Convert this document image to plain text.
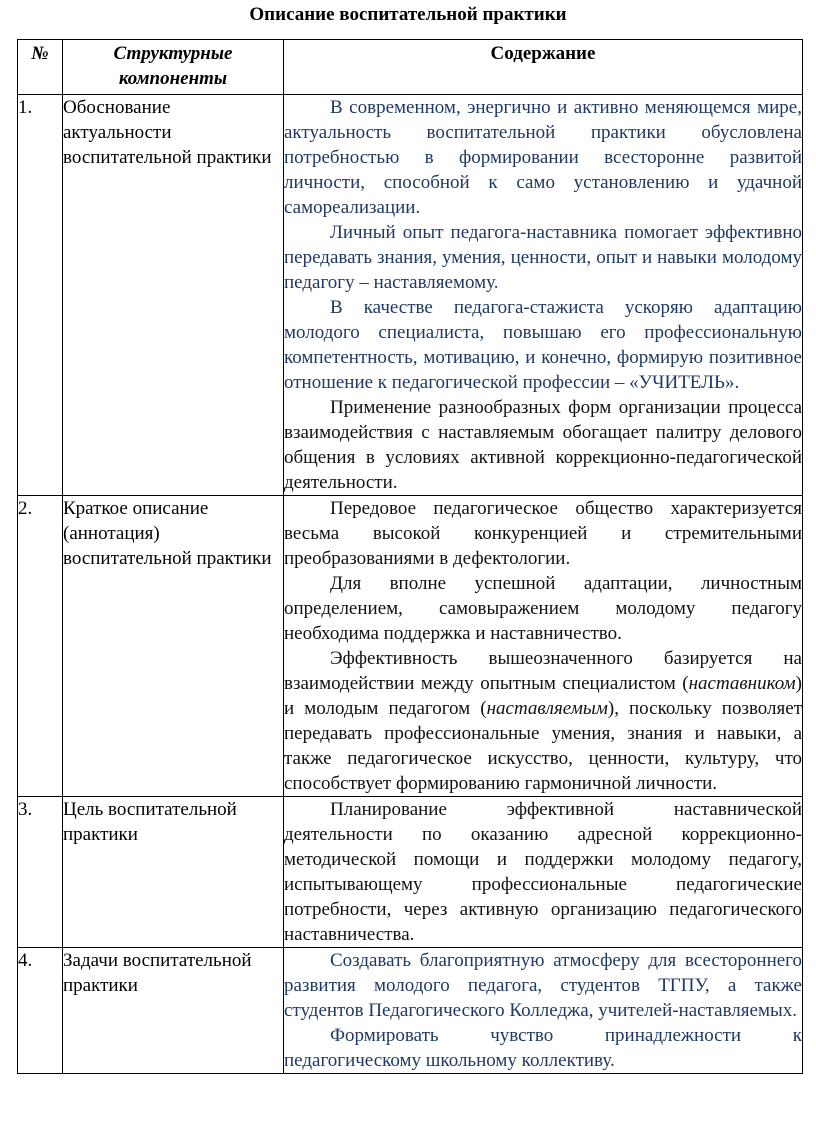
Описание воспитательной практики
№	Структурные компоненты	Содержание

1.	Обоснование актуальности воспитательной практики	В современном, энергично и активно меняющемся мире, актуальность воспитательной практики обусловлена потребностью в формировании всесторонне развитой личности, способной к само установлению и удачной самореализации.

Личный опыт педагога-наставника помогает эффективно передавать знания, умения, ценности, опыт и навыки молодому педагогу – наставляемому.

В качестве педагога-стажиста ускоряю адаптацию молодого специалиста, повышаю его профессиональную компетентность, мотивацию, и конечно, формирую позитивное отношение к педагогической профессии – «УЧИТЕЛЬ».

Применение разнообразных форм организации процесса взаимодействия с наставляемым обогащает палитру делового общения в условиях активной коррекционно-педагогической деятельности.

2.	Краткое описание (аннотация) воспитательной практики	Передовое педагогическое общество характеризуется весьма высокой конкуренцией и стремительными преобразованиями в дефектологии.

Для вполне успешной адаптации, личностным определением, самовыражением молодому педагогу необходима поддержка и наставничество.

Эффективность вышеозначенного базируется на взаимодействии между опытным специалистом (наставником) и молодым педагогом (наставляемым), поскольку позволяет передавать профессиональные умения, знания и навыки, а также педагогическое искусство, ценности, культуру, что способствует формированию гармоничной личности.

3.	Цель воспитательной практики	Планирование эффективной наставнической деятельности по оказанию адресной коррекционно-методической помощи и поддержки молодому педагогу, испытывающему профессиональные педагогические потребности, через активную организацию педагогического наставничества.

4.	Задачи воспитательной практики	Создавать благоприятную атмосферу для всестороннего развития молодого педагога, студентов ТГПУ, а также студентов Педагогического Колледжа, учителей-наставляемых.

Формировать чувство принадлежности к педагогическому школьному коллективу.
